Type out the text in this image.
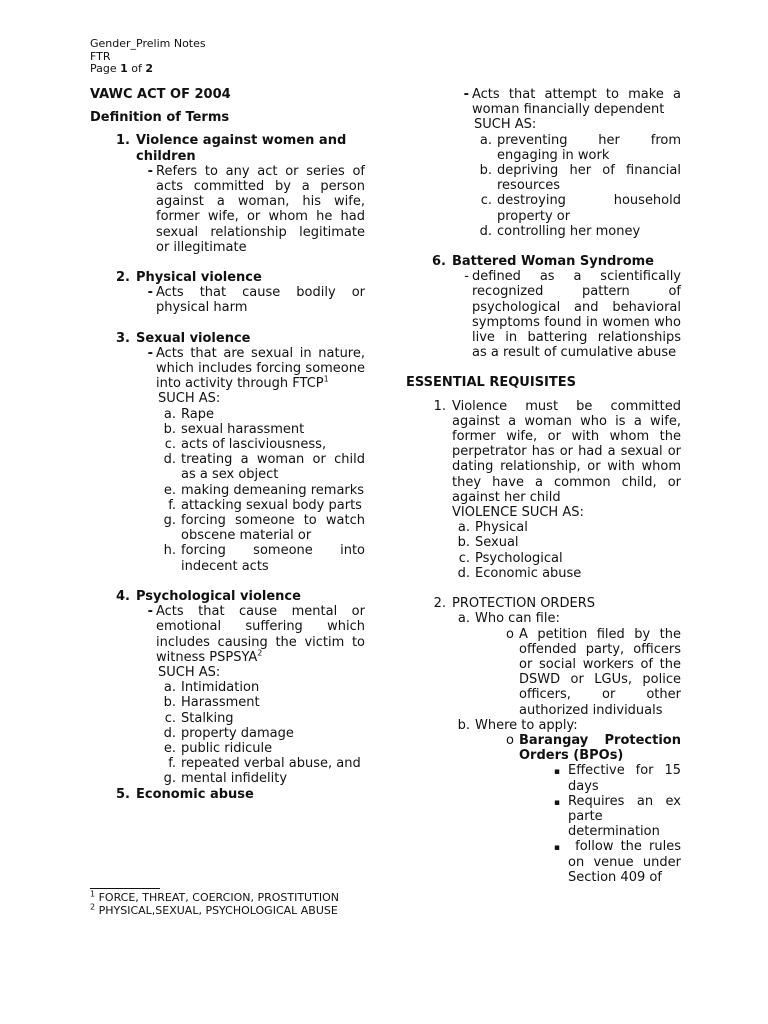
Gender_Prelim Notes
FTR
Page 1 of 2
VAWC ACT OF 2004
Definition of Terms
1. Violence against women and children
- Refers to any act or series of acts committed by a person against a woman, his wife, former wife, or whom he had sexual relationship legitimate or illegitimate
2. Physical violence
- Acts that cause bodily or physical harm
3. Sexual violence
- Acts that are sexual in nature, which includes forcing someone into activity through FTCP$^1$
SUCH AS:
a. Rape
b. sexual harassment
c. acts of lasciviousness,
d. treating a woman or child as a sex object
e. making demeaning remarks
f. attacking sexual body parts
g. forcing someone to watch obscene material or
h. forcing someone into indecent acts
4. Psychological violence
- Acts that cause mental or emotional suffering which includes causing the victim to witness PSPSYA$^2$
SUCH AS:
a. Intimidation
b. Harassment
c. Stalking
d. property damage
e. public ridicule
f. repeated verbal abuse, and
g. mental infidelity
5. Economic abuse
- Acts that attempt to make a woman financially dependent
SUCH AS:
a. preventing her from engaging in work
b. depriving her of financial resources
c. destroying household property or
d. controlling her money
6. Battered Woman Syndrome
- defined as a scientifically recognized pattern of psychological and behavioral symptoms found in women who live in battering relationships as a result of cumulative abuse
ESSENTIAL REQUISITES
1. Violence must be committed against a woman who is a wife, former wife, or with whom the perpetrator has or had a sexual or dating relationship, or with whom they have a common child, or against her child
VIOLENCE SUCH AS:
a. Physical
b. Sexual
c. Psychological
d. Economic abuse
2. PROTECTION ORDERS
a. Who can file:
o A petition filed by the offended party, officers or social workers of the DSWD or LGUs, police officers, or other authorized individuals
b. Where to apply:
o Barangay Protection Orders (BPOs)
▪ Effective for 15 days
▪ Requires an ex parte determination
▪ follow the rules on venue under Section 409 of
$^1$ FORCE, THREAT, COERCION, PROSTITUTION
$^2$ PHYSICAL,SEXUAL, PSYCHOLOGICAL ABUSE
